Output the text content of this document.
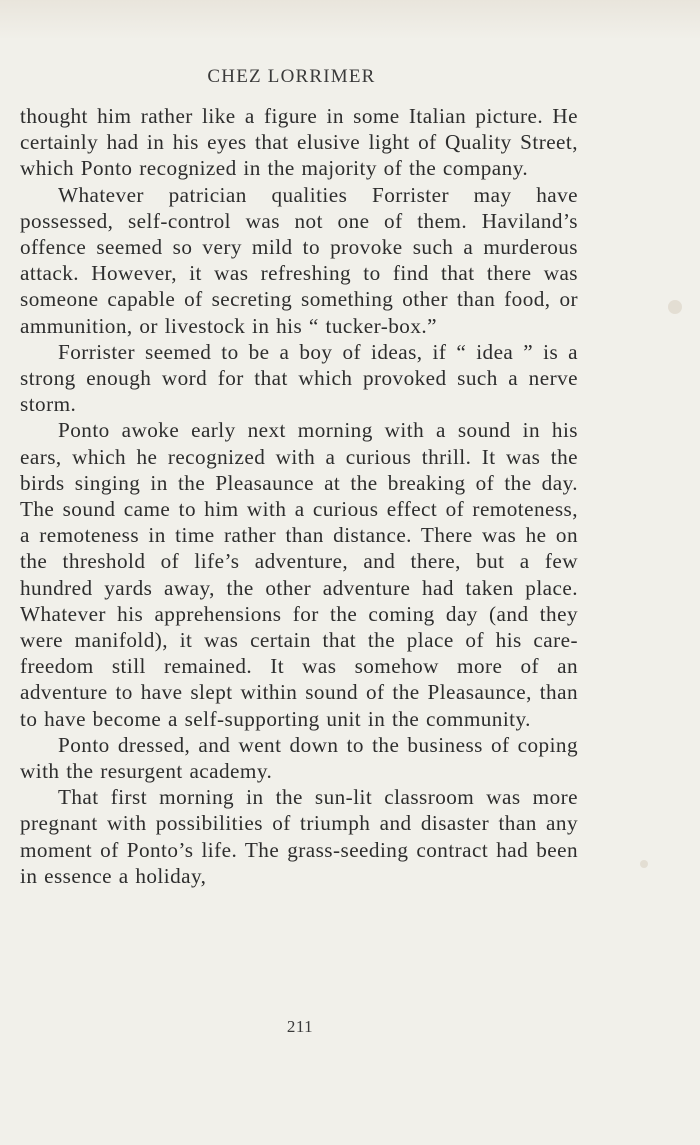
CHEZ LORRIMER

thought him rather like a figure in some Italian picture. He certainly had in his eyes that elusive light of Quality Street, which Ponto recognized in the majority of the company.

Whatever patrician qualities Forrister may have possessed, self-control was not one of them. Haviland’s offence seemed so very mild to provoke such a murderous attack. However, it was refreshing to find that there was someone capable of secreting something other than food, or ammunition, or livestock in his “ tucker-box.”

Forrister seemed to be a boy of ideas, if “ idea ” is a strong enough word for that which provoked such a nerve storm.

Ponto awoke early next morning with a sound in his ears, which he recognized with a curious thrill. It was the birds singing in the Pleasaunce at the breaking of the day. The sound came to him with a curious effect of remoteness, a remoteness in time rather than distance. There was he on the threshold of life’s adventure, and there, but a few hundred yards away, the other adventure had taken place. Whatever his apprehensions for the coming day (and they were manifold), it was certain that the place of his care-freedom still remained. It was somehow more of an adventure to have slept within sound of the Pleasaunce, than to have become a self-supporting unit in the community.

Ponto dressed, and went down to the business of coping with the resurgent academy.

That first morning in the sun-lit classroom was more pregnant with possibilities of triumph and disaster than any moment of Ponto’s life. The grass-seeding contract had been in essence a holiday,

211
